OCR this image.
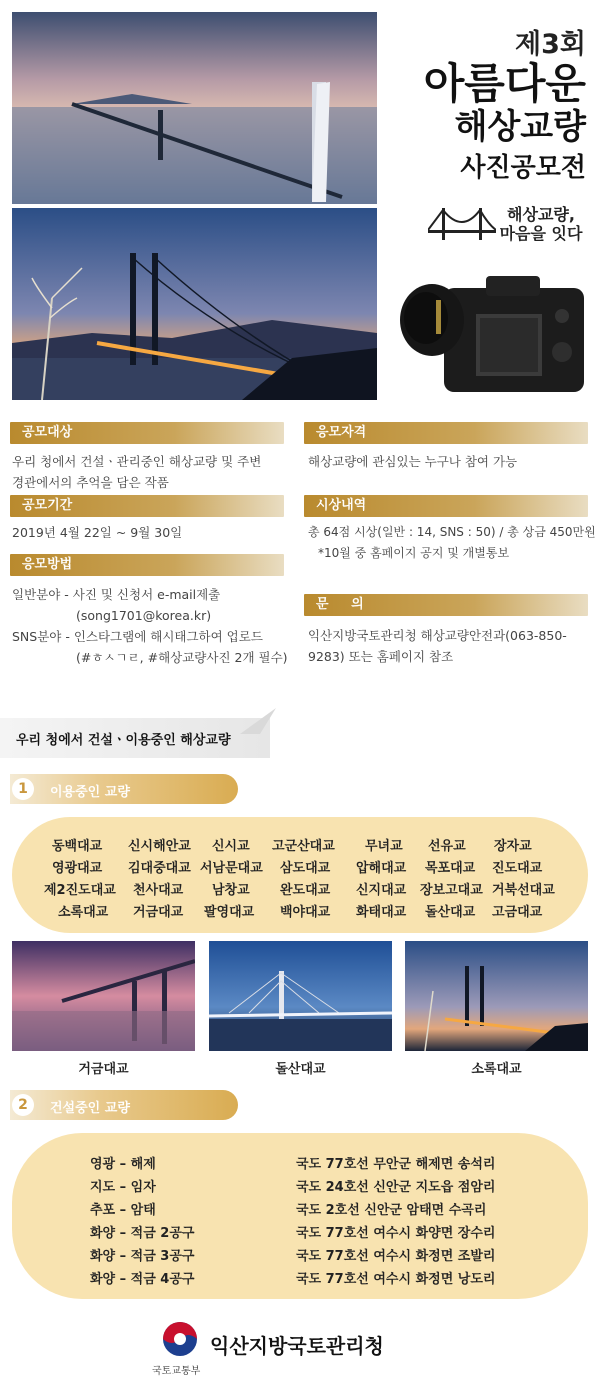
제3회
아름다운
해상교량
사진공모전
해상교량,
마음을 잇다
공모대상
우리 청에서 건설ㆍ관리중인 해상교량 및 주변
경관에서의 추억을 담은 작품
공모기간
2019년 4월 22일 ~ 9월 30일
응모방법
일반분야 - 사진 및 신청서 e-mail제출
(song1701@korea.kr)
SNS분야 - 인스타그램에 해시태그하여 업로드
(#ㅎㅅㄱㄹ, #해상교량사진 2개 필수)
응모자격
해상교량에 관심있는 누구나 참여 가능
시상내역
총 64점 시상(일반 : 14, SNS : 50) / 총 상금 450만원
*10월 중 홈페이지 공지 및 개별통보
문     의
익산지방국토관리청 해상교량안전과(063-850-
9283) 또는 홈페이지 참조
우리 청에서 건설ㆍ이용중인 해상교량
1	이용중인 교량
동백대교 신시해안교 신시교 고군산대교 무녀교 선유교 장자교
영광대교 김대중대교 서남문대교 삼도대교 압해대교 목포대교 진도대교
제2진도대교 천사대교 남창교 완도대교 신지대교 장보고대교 거북선대교
소록대교 거금대교 팔영대교 백야대교 화태대교 돌산대교 고금대교
거금대교	돌산대교	소록대교
2	건설중인 교량
영광 – 해제	국도 77호선 무안군 해제면 송석리
지도 – 임자	국도 24호선 신안군 지도읍 점암리
추포 – 암태	국도 2호선 신안군 암태면 수곡리
화양 – 적금 2공구	국도 77호선 여수시 화양면 장수리
화양 – 적금 3공구	국도 77호선 여수시 화정면 조발리
화양 – 적금 4공구	국도 77호선 여수시 화정면 낭도리
국토교통부
익산지방국토관리청
